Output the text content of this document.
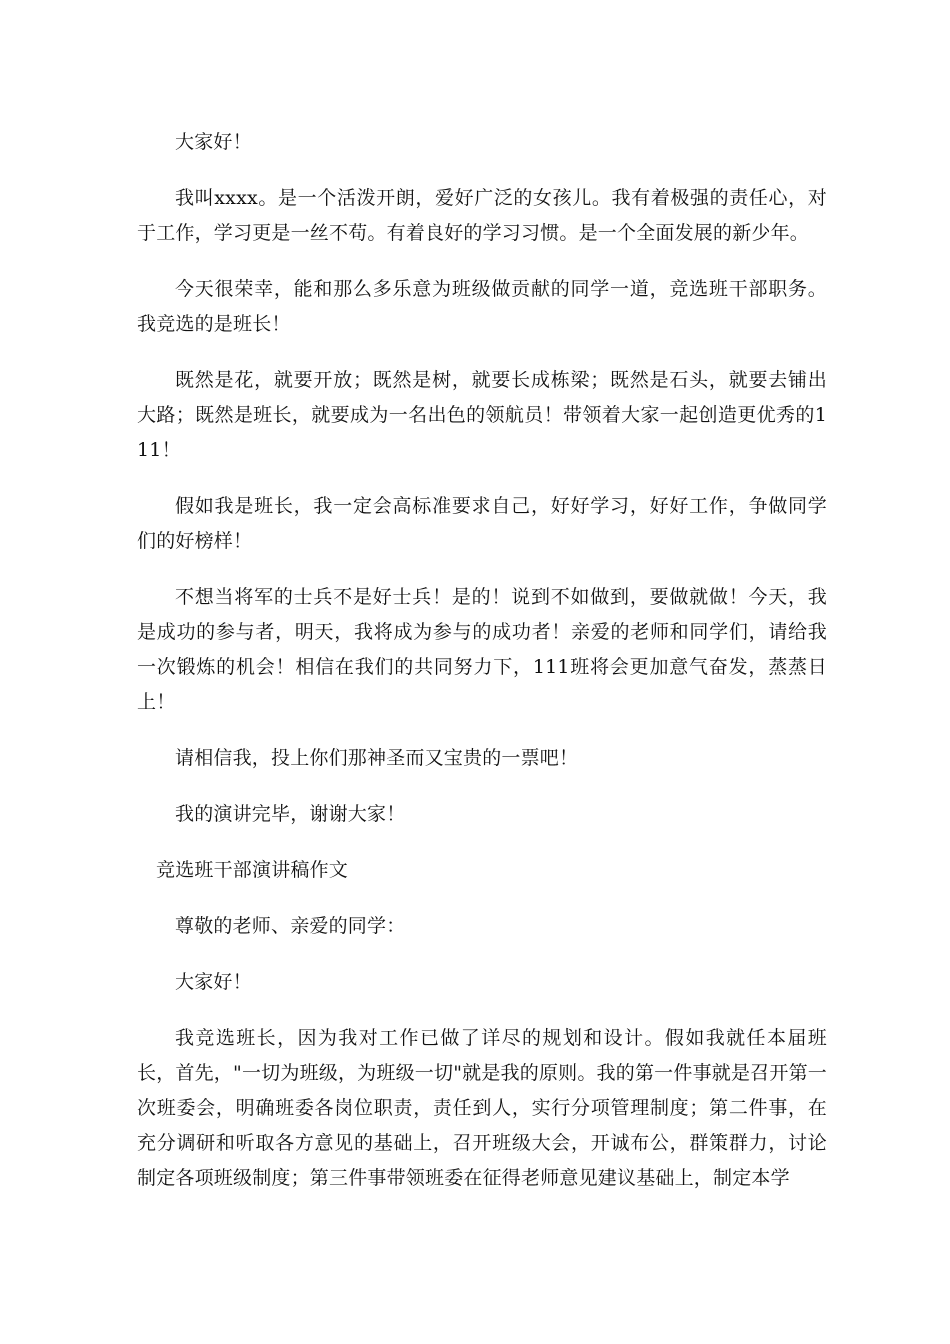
大家好！

我叫xxxx。是一个活泼开朗，爱好广泛的女孩儿。我有着极强的责任心，对于工作，学习更是一丝不苟。有着良好的学习习惯。是一个全面发展的新少年。

今天很荣幸，能和那么多乐意为班级做贡献的同学一道，竞选班干部职务。我竞选的是班长！

既然是花，就要开放；既然是树，就要长成栋梁；既然是石头，就要去铺出大路；既然是班长，就要成为一名出色的领航员！带领着大家一起创造更优秀的111！

假如我是班长，我一定会高标准要求自己，好好学习，好好工作，争做同学们的好榜样！

不想当将军的士兵不是好士兵！是的！说到不如做到，要做就做！今天，我是成功的参与者，明天，我将成为参与的成功者！亲爱的老师和同学们，请给我一次锻炼的机会！相信在我们的共同努力下，111班将会更加意气奋发，蒸蒸日上！

请相信我，投上你们那神圣而又宝贵的一票吧！

我的演讲完毕，谢谢大家！

竞选班干部演讲稿作文

尊敬的老师、亲爱的同学：

大家好！

我竞选班长，因为我对工作已做了详尽的规划和设计。假如我就任本届班长，首先，"一切为班级，为班级一切"就是我的原则。我的第一件事就是召开第一次班委会，明确班委各岗位职责，责任到人，实行分项管理制度；第二件事，在充分调研和听取各方意见的基础上，召开班级大会，开诚布公，群策群力，讨论制定各项班级制度；第三件事带领班委在征得老师意见建议基础上，制定本学
